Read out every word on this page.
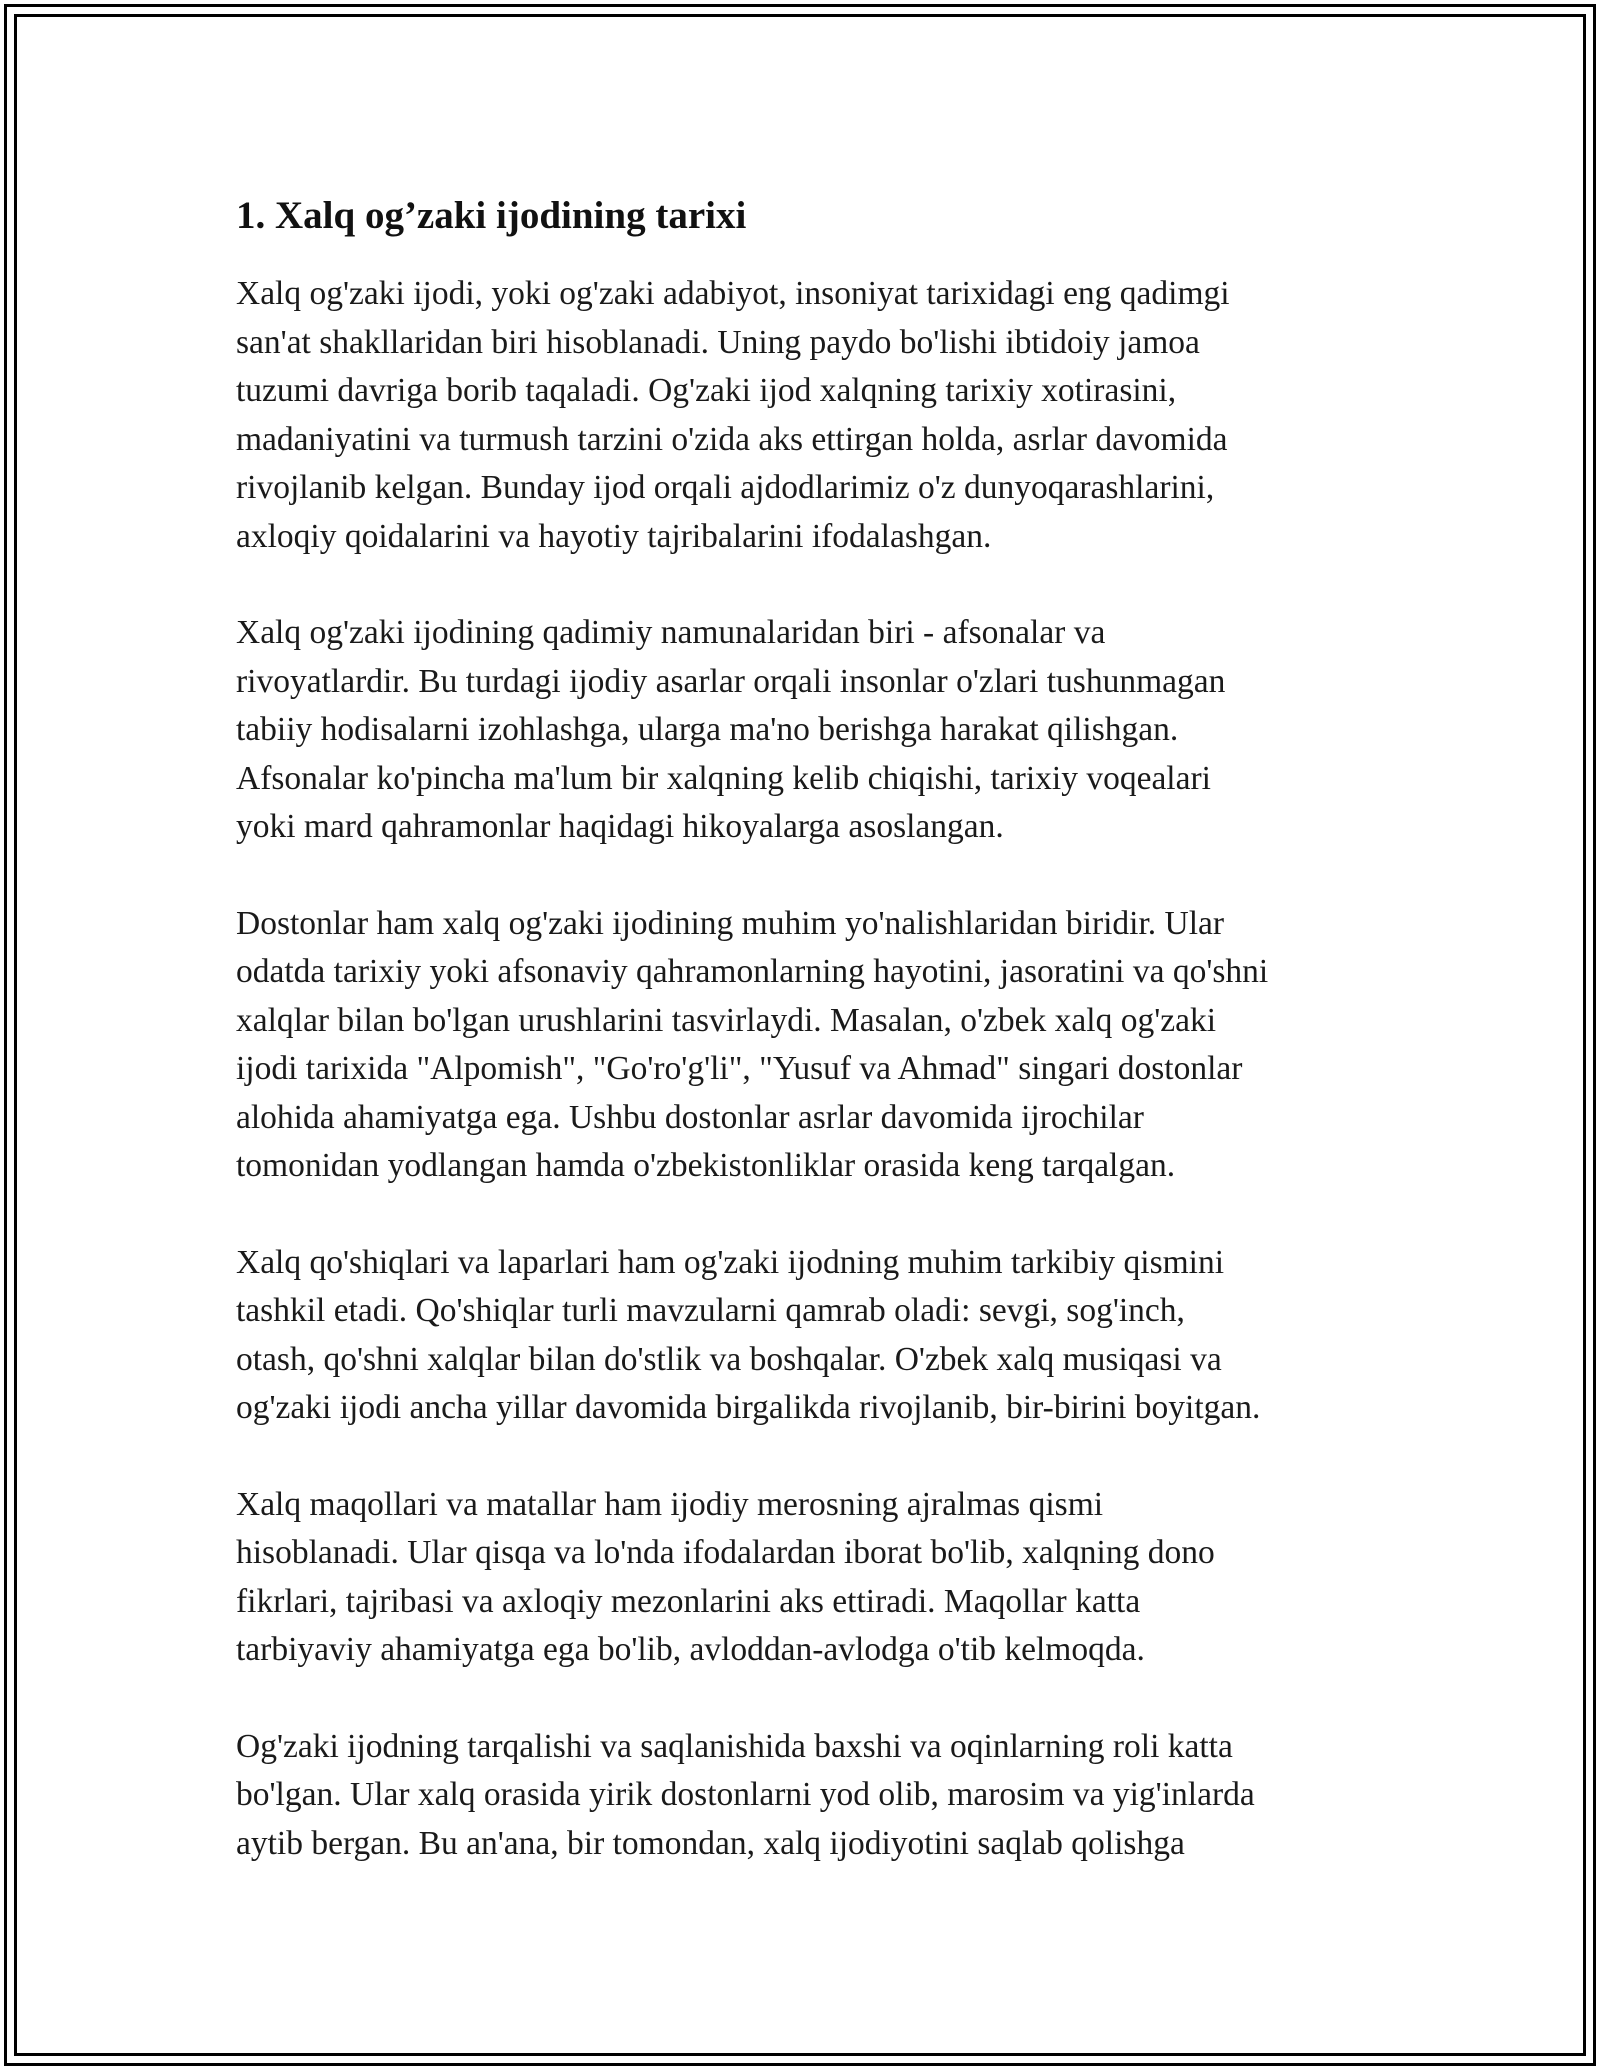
1. Xalq og’zaki ijodining tarixi

Xalq og'zaki ijodi, yoki og'zaki adabiyot, insoniyat tarixidagi eng qadimgi
san'at shakllaridan biri hisoblanadi. Uning paydo bo'lishi ibtidoiy jamoa
tuzumi davriga borib taqaladi. Og'zaki ijod xalqning tarixiy xotirasini,
madaniyatini va turmush tarzini o'zida aks ettirgan holda, asrlar davomida
rivojlanib kelgan. Bunday ijod orqali ajdodlarimiz o'z dunyoqarashlarini,
axloqiy qoidalarini va hayotiy tajribalarini ifodalashgan.

Xalq og'zaki ijodining qadimiy namunalaridan biri - afsonalar va
rivoyatlardir. Bu turdagi ijodiy asarlar orqali insonlar o'zlari tushunmagan
tabiiy hodisalarni izohlashga, ularga ma'no berishga harakat qilishgan.
Afsonalar ko'pincha ma'lum bir xalqning kelib chiqishi, tarixiy voqealari
yoki mard qahramonlar haqidagi hikoyalarga asoslangan.

Dostonlar ham xalq og'zaki ijodining muhim yo'nalishlaridan biridir. Ular
odatda tarixiy yoki afsonaviy qahramonlarning hayotini, jasoratini va qo'shni
xalqlar bilan bo'lgan urushlarini tasvirlaydi. Masalan, o'zbek xalq og'zaki
ijodi tarixida "Alpomish", "Go'ro'g'li", "Yusuf va Ahmad" singari dostonlar
alohida ahamiyatga ega. Ushbu dostonlar asrlar davomida ijrochilar
tomonidan yodlangan hamda o'zbekistonliklar orasida keng tarqalgan.

Xalq qo'shiqlari va laparlari ham og'zaki ijodning muhim tarkibiy qismini
tashkil etadi. Qo'shiqlar turli mavzularni qamrab oladi: sevgi, sog'inch,
otash, qo'shni xalqlar bilan do'stlik va boshqalar. O'zbek xalq musiqasi va
og'zaki ijodi ancha yillar davomida birgalikda rivojlanib, bir-birini boyitgan.

Xalq maqollari va matallar ham ijodiy merosning ajralmas qismi
hisoblanadi. Ular qisqa va lo'nda ifodalardan iborat bo'lib, xalqning dono
fikrlari, tajribasi va axloqiy mezonlarini aks ettiradi. Maqollar katta
tarbiyaviy ahamiyatga ega bo'lib, avloddan-avlodga o'tib kelmoqda.

Og'zaki ijodning tarqalishi va saqlanishida baxshi va oqinlarning roli katta
bo'lgan. Ular xalq orasida yirik dostonlarni yod olib, marosim va yig'inlarda
aytib bergan. Bu an'ana, bir tomondan, xalq ijodiyotini saqlab qolishga
